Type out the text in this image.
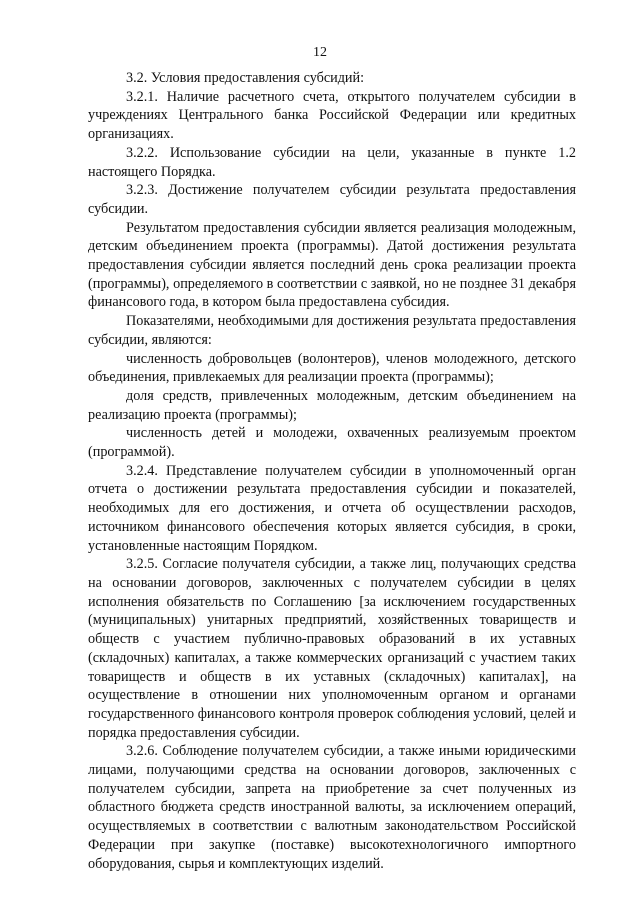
12

3.2. Условия предоставления субсидий:

3.2.1. Наличие расчетного счета, открытого получателем субсидии в учреждениях Центрального банка Российской Федерации или кредитных организациях.

3.2.2. Использование субсидии на цели, указанные в пункте 1.2 настоящего Порядка.

3.2.3. Достижение получателем субсидии результата предоставления субсидии.

Результатом предоставления субсидии является реализация молодежным, детским объединением проекта (программы). Датой достижения результата предоставления субсидии является последний день срока реализации проекта (программы), определяемого в соответствии с заявкой, но не позднее 31 декабря финансового года, в котором была предоставлена субсидия.

Показателями, необходимыми для достижения результата предоставления субсидии, являются:

численность добровольцев (волонтеров), членов молодежного, детского объединения, привлекаемых для реализации проекта (программы);

доля средств, привлеченных молодежным, детским объединением на реализацию проекта (программы);

численность детей и молодежи, охваченных реализуемым проектом (программой).

3.2.4. Представление получателем субсидии в уполномоченный орган отчета о достижении результата предоставления субсидии и показателей, необходимых для его достижения, и отчета об осуществлении расходов, источником финансового обеспечения которых является субсидия, в сроки, установленные настоящим Порядком.

3.2.5. Согласие получателя субсидии, а также лиц, получающих средства на основании договоров, заключенных с получателем субсидии в целях исполнения обязательств по Соглашению [за исключением государственных (муниципальных) унитарных предприятий, хозяйственных товариществ и обществ с участием публично-правовых образований в их уставных (складочных) капиталах, а также коммерческих организаций с участием таких товариществ и обществ в их уставных (складочных) капиталах], на осуществление в отношении них уполномоченным органом и органами государственного финансового контроля проверок соблюдения условий, целей и порядка предоставления субсидии.

3.2.6. Соблюдение получателем субсидии, а также иными юридическими лицами, получающими средства на основании договоров, заключенных с получателем субсидии, запрета на приобретение за счет полученных из областного бюджета средств иностранной валюты, за исключением операций, осуществляемых в соответствии с валютным законодательством Российской Федерации при закупке (поставке) высокотехнологичного импортного оборудования, сырья и комплектующих изделий.
